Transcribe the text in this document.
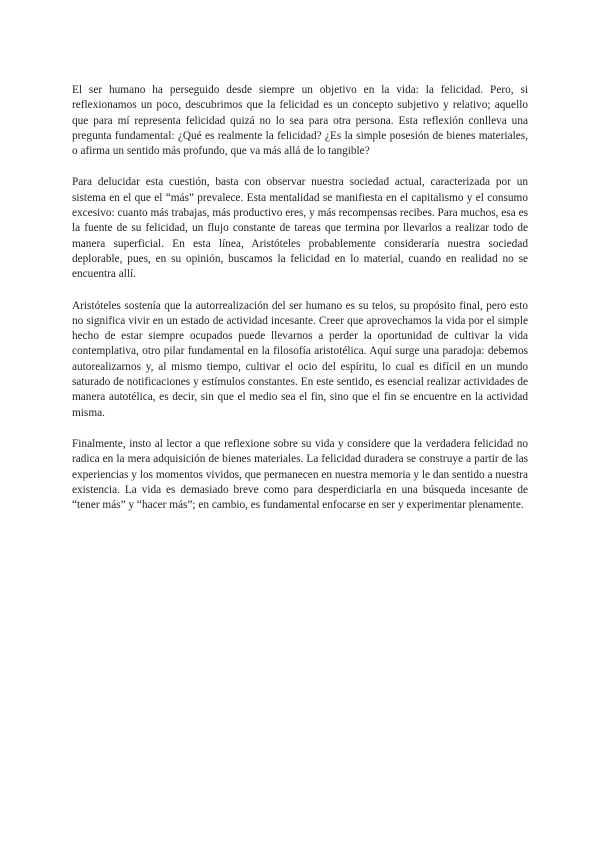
El ser humano ha perseguido desde siempre un objetivo en la vida: la felicidad. Pero, si reflexionamos un poco, descubrimos que la felicidad es un concepto subjetivo y relativo; aquello que para mí representa felicidad quizá no lo sea para otra persona. Esta reflexión conlleva una pregunta fundamental: ¿Qué es realmente la felicidad? ¿Es la simple posesión de bienes materiales, o afirma un sentido más profundo, que va más allá de lo tangible?

Para delucidar esta cuestión, basta con observar nuestra sociedad actual, caracterizada por un sistema en el que el “más” prevalece. Esta mentalidad se manifiesta en el capitalismo y el consumo excesivo: cuanto más trabajas, más productivo eres, y más recompensas recibes. Para muchos, esa es la fuente de su felicidad, un flujo constante de tareas que termina por llevarlos a realizar todo de manera superficial. En esta línea, Aristóteles probablemente consideraría nuestra sociedad deplorable, pues, en su opinión, buscamos la felicidad en lo material, cuando en realidad no se encuentra allí.

Aristóteles sostenía que la autorrealización del ser humano es su telos, su propósito final, pero esto no significa vivir en un estado de actividad incesante. Creer que aprovechamos la vida por el simple hecho de estar siempre ocupados puede llevarnos a perder la oportunidad de cultivar la vida contemplativa, otro pilar fundamental en la filosofía aristotélica. Aquí surge una paradoja: debemos autorealizarnos y, al mismo tiempo, cultivar el ocio del espíritu, lo cual es difícil en un mundo saturado de notificaciones y estímulos constantes. En este sentido, es esencial realizar actividades de manera autotélica, es decir, sin que el medio sea el fin, sino que el fin se encuentre en la actividad misma.

Finalmente, insto al lector a que reflexione sobre su vida y considere que la verdadera felicidad no radica en la mera adquisición de bienes materiales. La felicidad duradera se construye a partir de las experiencias y los momentos vividos, que permanecen en nuestra memoria y le dan sentido a nuestra existencia. La vida es demasiado breve como para desperdiciarla en una búsqueda incesante de “tener más” y “hacer más”; en cambio, es fundamental enfocarse en ser y experimentar plenamente.
